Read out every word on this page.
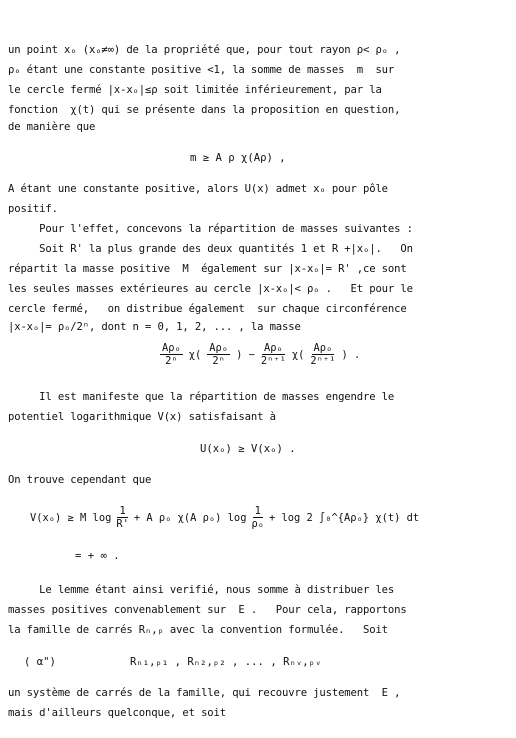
un point xₒ (xₒ≠∞) de la propriété que, pour tout rayon ρ< ρₒ ,
ρₒ étant une constante positive <1, la somme de masses  m  sur
le cercle fermé |x-xₒ|≤ρ soit limitée inférieurement, par la
fonction  χ(t) qui se présente dans la proposition en question,
de manière que
m ≥ A ρ χ(Aρ) ,
A étant une constante positive, alors U(x) admet xₒ pour pôle
positif.
Pour l'effet, concevons la répartition de masses suivantes :
Soit R' la plus grande des deux quantités 1 et R +|xₒ|.   On
répartit la masse positive  M  également sur |x-xₒ|= R' ,ce sont
les seules masses extérieures au cercle |x-xₒ|< ρₒ .   Et pour le
cercle fermé,   on distribue également  sur chaque circonférence
|x-xₒ|= ρₒ/2ⁿ, dont n = 0, 1, 2, ... , la masse
$\frac{\text{Aρₒ}}{\text{2ⁿ}} \chi( \frac{\text{Aρₒ}}{\text{2ⁿ}}$ ) − $\frac{\text{Aρₒ}}{\text{2ⁿ⁺¹}} \chi( \frac{\text{Aρₒ}}{\text{2ⁿ⁺¹}}$ ) .
Il est manifeste que la répartition de masses engendre le
potentiel logarithmique V(x) satisfaisant à
U(xₒ) ≥ V(xₒ) .
On trouve cependant que
V(xₒ) ≥ M $\log \frac{1}{R'} + A$ ρₒ χ(A ρₒ) $\log \frac{1}{\text{ρₒ}} + \log 2$ ∫₀^{Aρₒ} χ(t) dt
= + ∞ .
Le lemme étant ainsi verifié, nous somme à distribuer les
masses positives convenablement sur  E .   Pour cela, rapportons
la famille de carrés Rₙ,ₚ avec la convention formulée.   Soit
( α")	Rₙ₁,ₚ₁ , Rₙ₂,ₚ₂ , ... , Rₙᵥ,ₚᵥ
un système de carrés de la famille, qui recouvre justement  E ,
mais d'ailleurs quelconque, et soit
